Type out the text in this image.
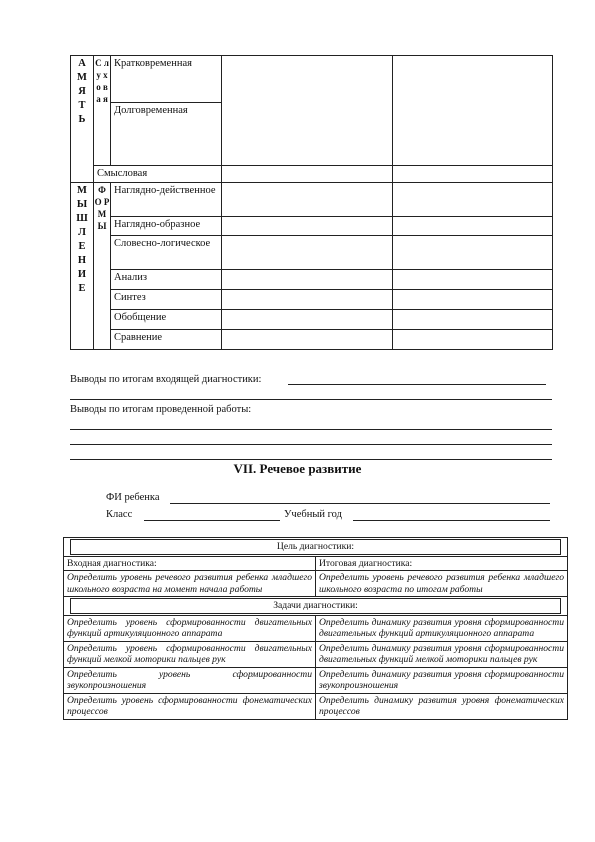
А М Я Т Ь	С л у х о в а я	Кратковременная		
		Долговременная		
	Смысловая			
М Ы Ш Л Е Н И Е	Ф О Р М Ы	Наглядно-действенное		
		Наглядно-образное		
		Словесно-логическое		
		Анализ		
		Синтез		
		Обобщение		
		Сравнение		
Выводы по итогам входящей диагностики:
Выводы по итогам проведенной работы:
VII. Речевое развитие
ФИ ребенка
Класс	Учебный год
Цель диагностики:	

Входная диагностика:	Итоговая диагностика:
Определить уровень речевого развития ребенка младшего школьного возраста на момент начала работы	Определить уровень речевого развития ребенка младшего школьного возраста по итогам работы

Задачи диагностики:	

Определить уровень сформированности двигательных функций артикуляционного аппарата	Определить динамику развития уровня сформированности двигательных функций артикуляционного аппарата
Определить уровень сформированности двигательных функций мелкой моторики пальцев рук	Определить динамику развития уровня сформированности двигательных функций мелкой моторики пальцев рук
Определить уровень сформированности звукопроизношения	Определить динамику развития уровня сформированности звукопроизношения
Определить уровень сформированности фонематических процессов	Определить динамику развития уровня фонематических процессов
